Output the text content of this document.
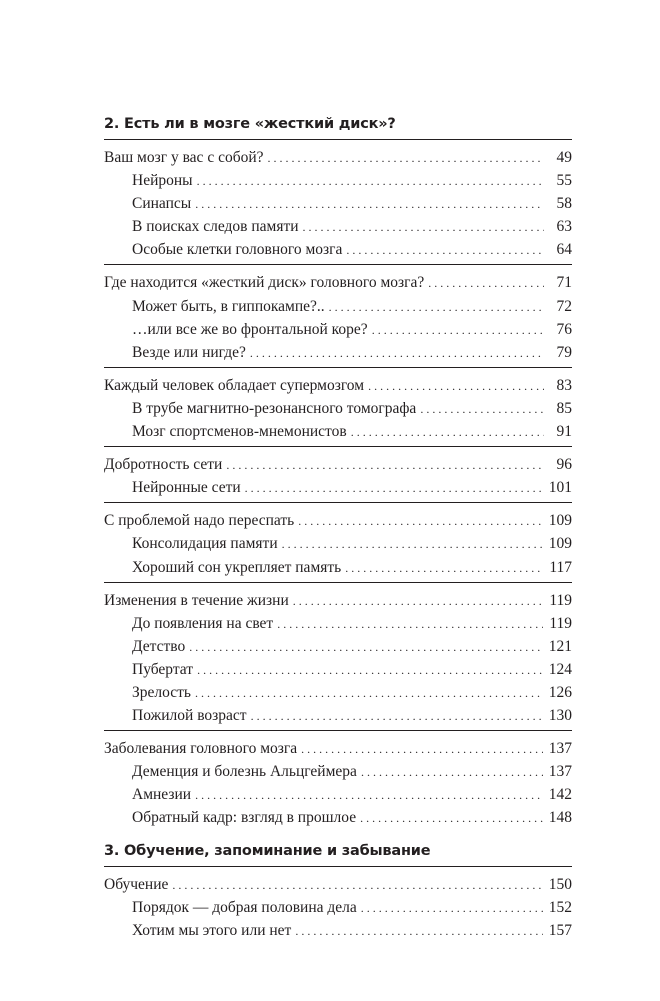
2. Есть ли в мозге «жесткий диск»?
Ваш мозг у вас с собой? . . .	49
Нейроны . . .	55
Синапсы . . .	58
В поисках следов памяти . . .	63
Особые клетки головного мозга . . .	64
Где находится «жесткий диск» головного мозга? . . .	71
Может быть, в гиппокампе?.. . . .	72
…или все же во фронтальной коре? . . .	76
Везде или нигде? . . .	79
Каждый человек обладает супермозгом . . .	83
В трубе магнитно-резонансного томографа . . .	85
Мозг спортсменов-мнемонистов . . .	91
Добротность сети . . .	96
Нейронные сети . . .	101
С проблемой надо переспать . . .	109
Консолидация памяти . . .	109
Хороший сон укрепляет память . . .	117
Изменения в течение жизни . . .	119
До появления на свет . . .	119
Детство . . .	121
Пубертат . . .	124
Зрелость . . .	126
Пожилой возраст . . .	130
Заболевания головного мозга . . .	137
Деменция и болезнь Альцгеймера . . .	137
Амнезии . . .	142
Обратный кадр: взгляд в прошлое . . .	148
3. Обучение, запоминание и забывание
Обучение . . .	150
Порядок — добрая половина дела . . .	152
Хотим мы этого или нет . . .	157
